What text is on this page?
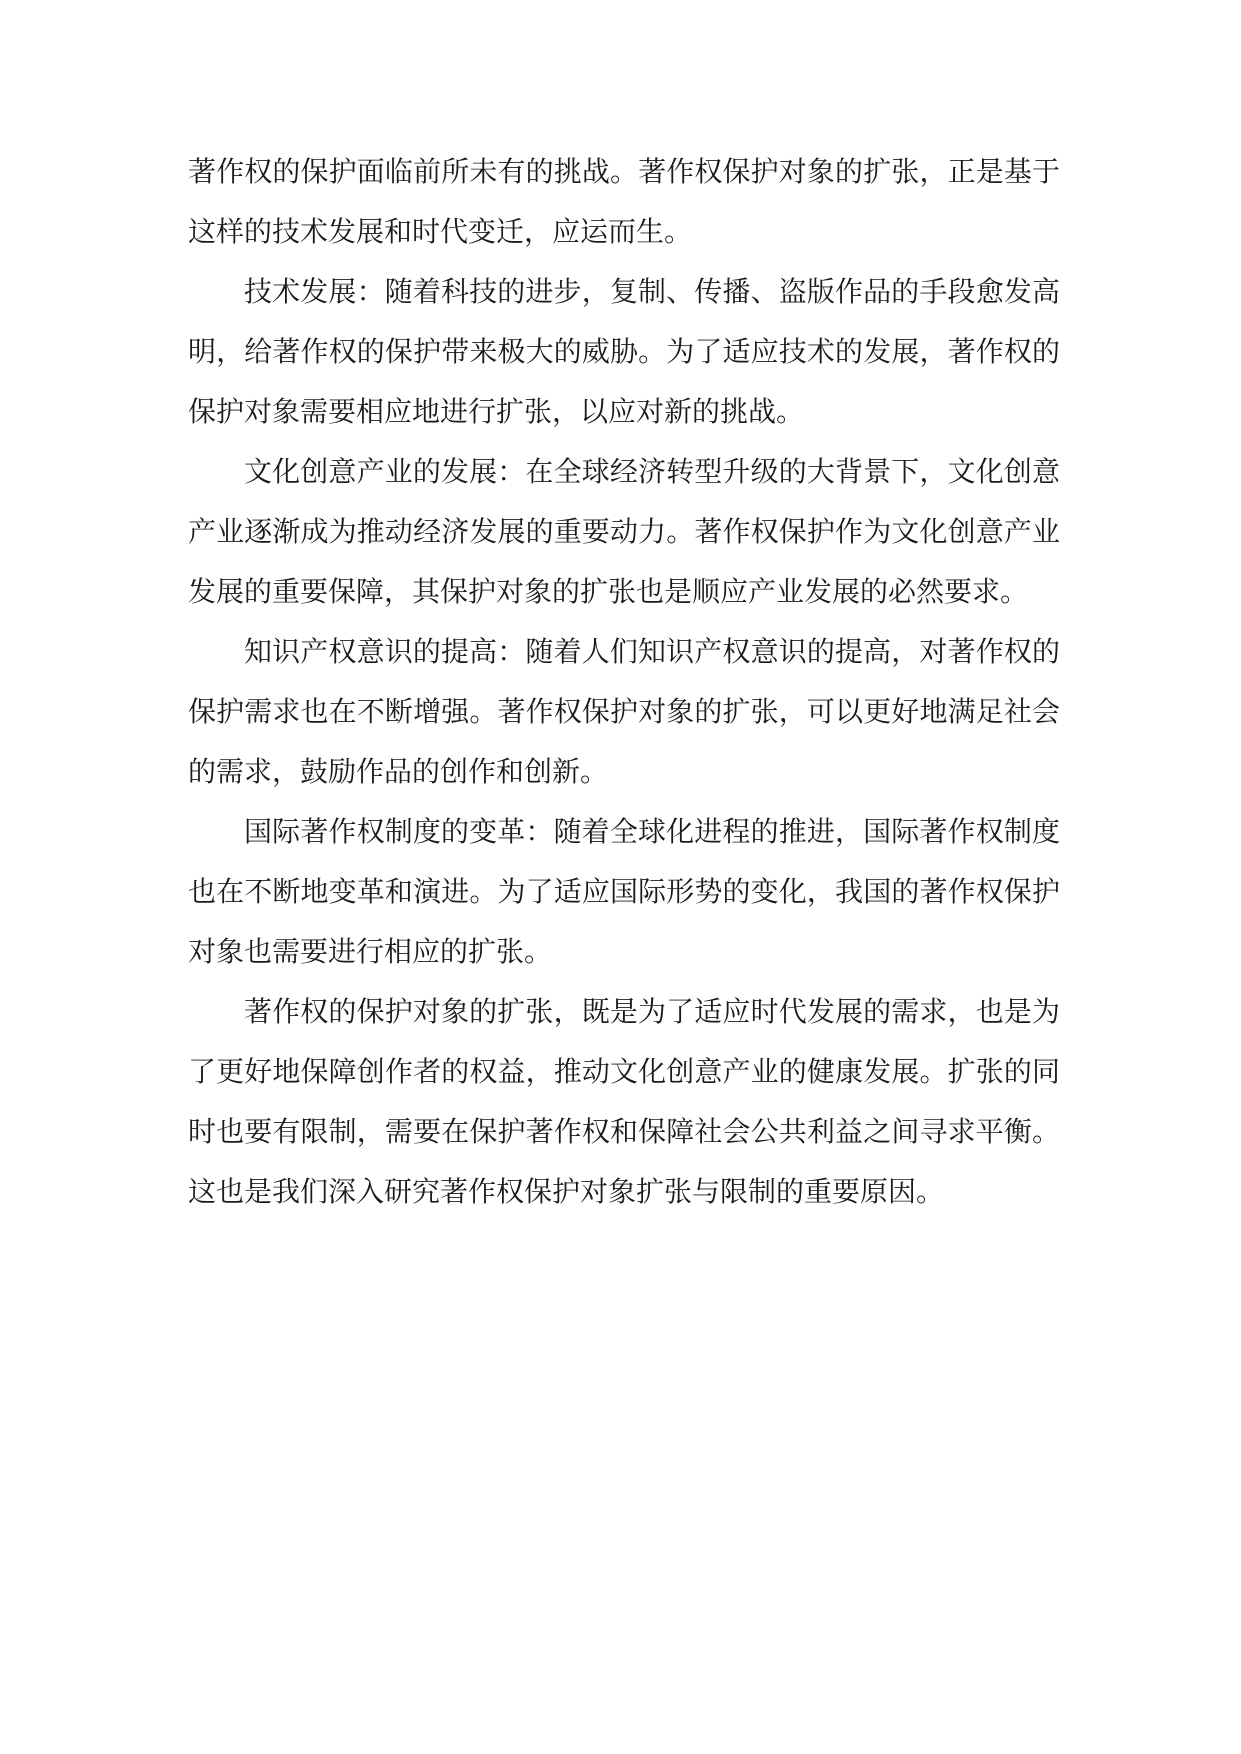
著作权的保护面临前所未有的挑战。著作权保护对象的扩张，正是基于这样的技术发展和时代变迁，应运而生。

技术发展：随着科技的进步，复制、传播、盗版作品的手段愈发高明，给著作权的保护带来极大的威胁。为了适应技术的发展，著作权的保护对象需要相应地进行扩张，以应对新的挑战。

文化创意产业的发展：在全球经济转型升级的大背景下，文化创意产业逐渐成为推动经济发展的重要动力。著作权保护作为文化创意产业发展的重要保障，其保护对象的扩张也是顺应产业发展的必然要求。

知识产权意识的提高：随着人们知识产权意识的提高，对著作权的保护需求也在不断增强。著作权保护对象的扩张，可以更好地满足社会的需求，鼓励作品的创作和创新。

国际著作权制度的变革：随着全球化进程的推进，国际著作权制度也在不断地变革和演进。为了适应国际形势的变化，我国的著作权保护对象也需要进行相应的扩张。

著作权的保护对象的扩张，既是为了适应时代发展的需求，也是为了更好地保障创作者的权益，推动文化创意产业的健康发展。扩张的同时也要有限制，需要在保护著作权和保障社会公共利益之间寻求平衡。这也是我们深入研究著作权保护对象扩张与限制的重要原因。
